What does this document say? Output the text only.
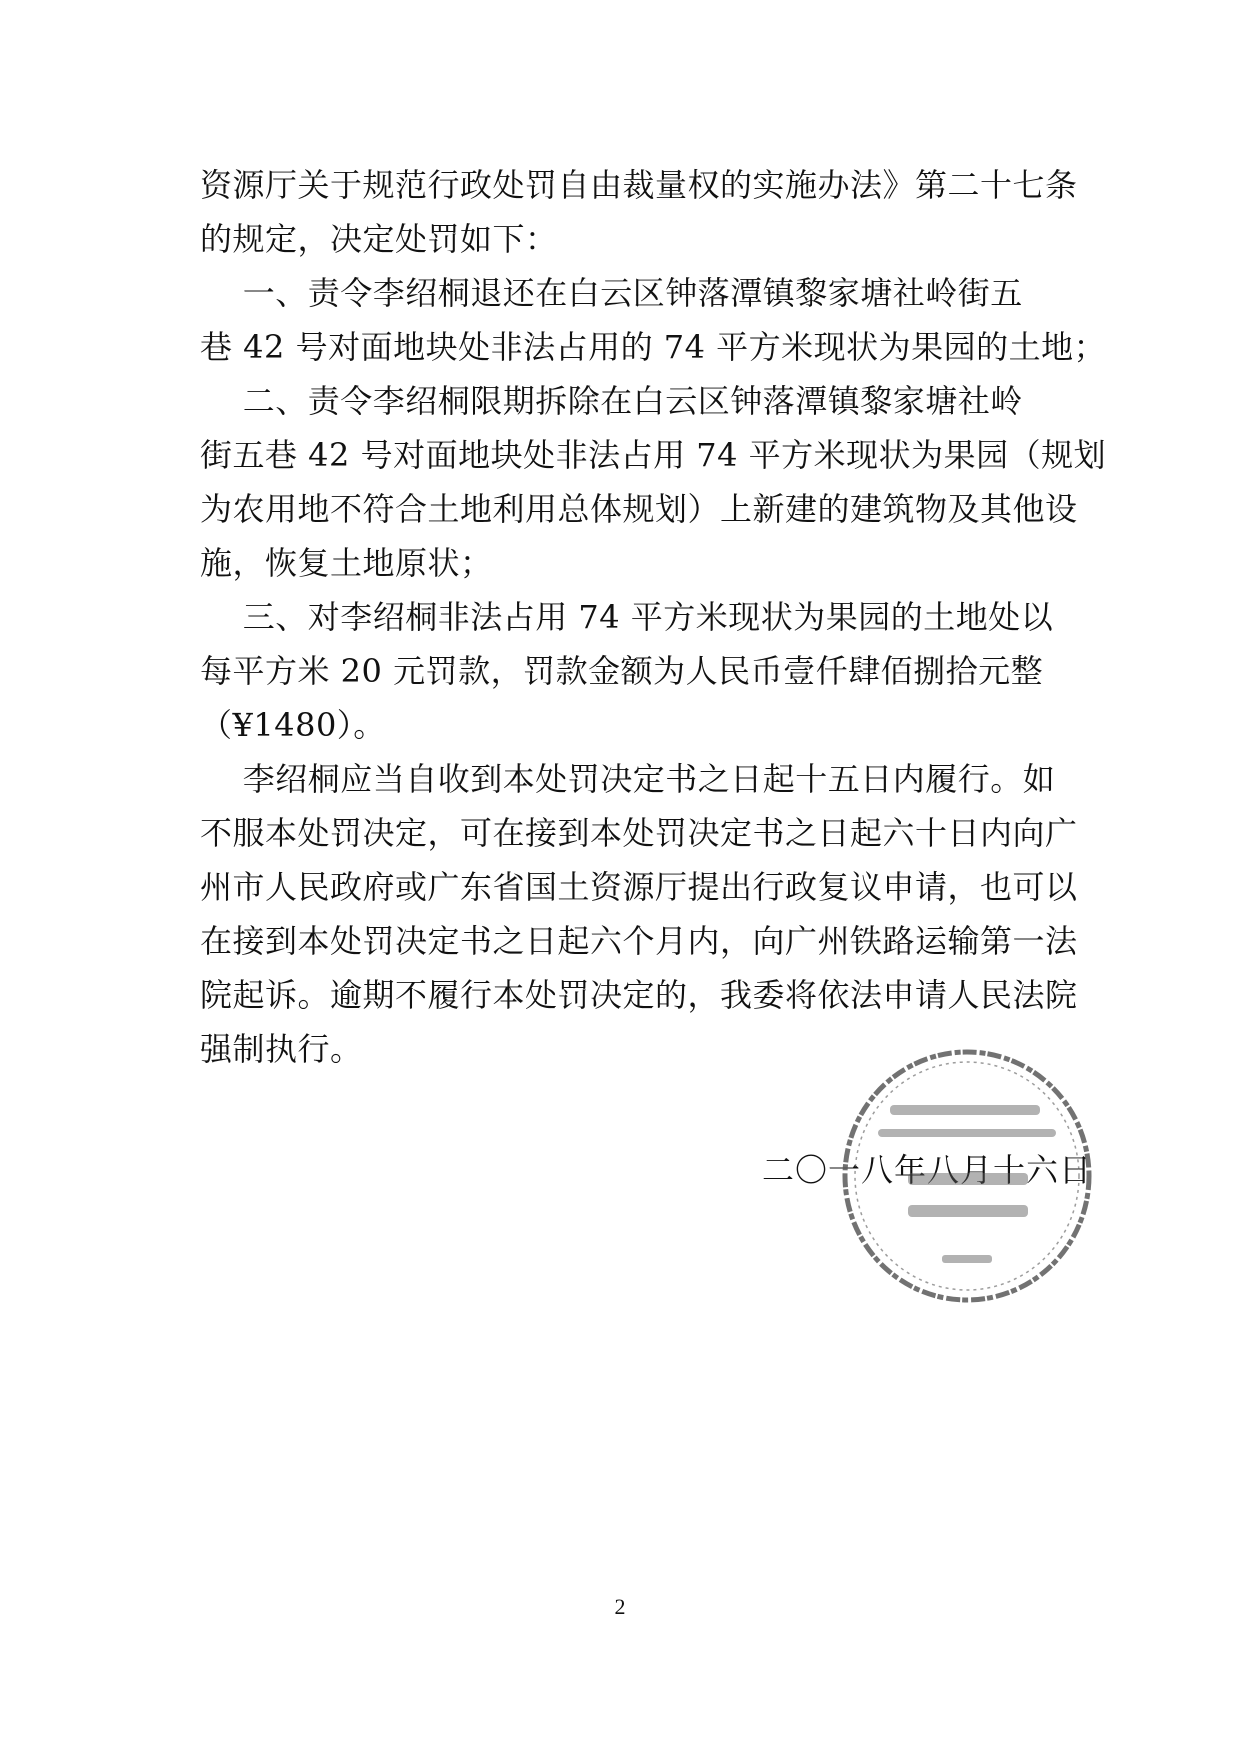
资源厅关于规范行政处罚自由裁量权的实施办法》第二十七条
的规定，决定处罚如下：
一、责令李绍桐退还在白云区钟落潭镇黎家塘社岭街五
巷 42 号对面地块处非法占用的 74 平方米现状为果园的土地；
二、责令李绍桐限期拆除在白云区钟落潭镇黎家塘社岭
街五巷 42 号对面地块处非法占用 74 平方米现状为果园（规划
为农用地不符合土地利用总体规划）上新建的建筑物及其他设
施，恢复土地原状；
三、对李绍桐非法占用 74 平方米现状为果园的土地处以
每平方米 20 元罚款，罚款金额为人民币壹仟肆佰捌拾元整
（¥1480）。
李绍桐应当自收到本处罚决定书之日起十五日内履行。如
不服本处罚决定，可在接到本处罚决定书之日起六十日内向广
州市人民政府或广东省国土资源厅提出行政复议申请，也可以
在接到本处罚决定书之日起六个月内，向广州铁路运输第一法
院起诉。逾期不履行本处罚决定的，我委将依法申请人民法院
强制执行。
二〇一八年八月十六日
2
